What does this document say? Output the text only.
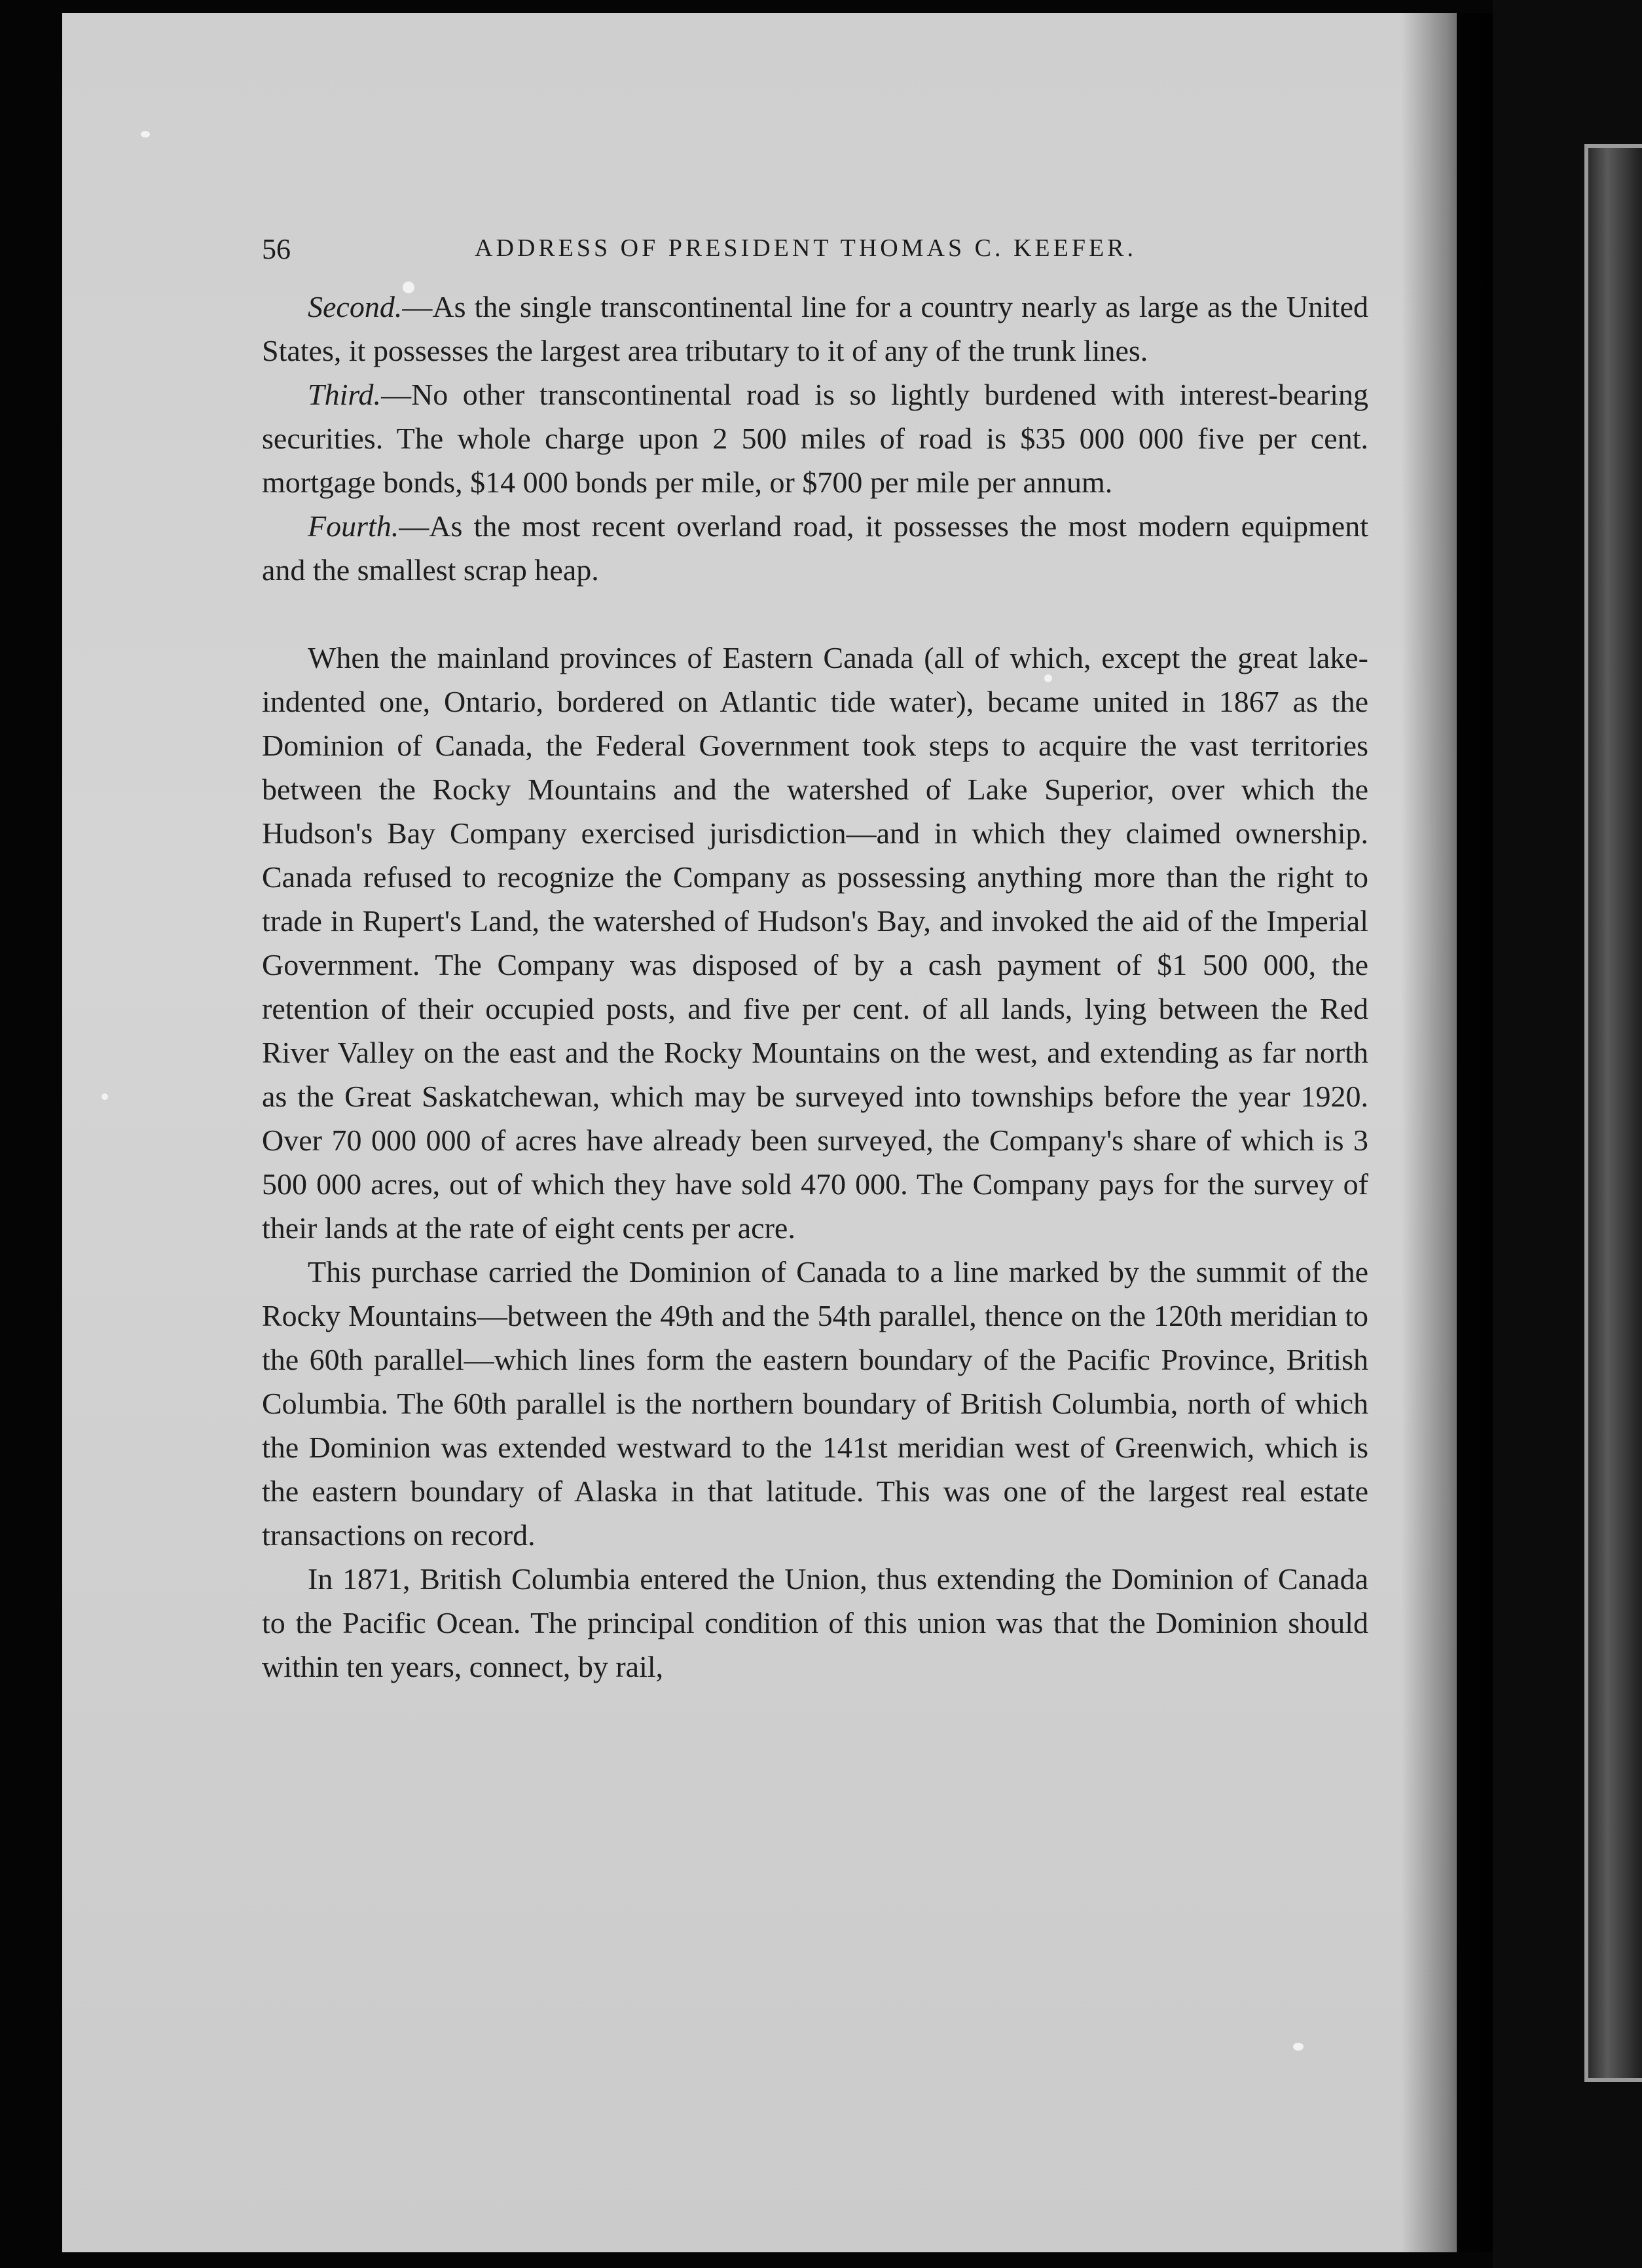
56	ADDRESS OF PRESIDENT THOMAS C. KEEFER.

Second.—As the single transcontinental line for a country nearly as large as the United States, it possesses the largest area tributary to it of any of the trunk lines.

Third.—No other transcontinental road is so lightly burdened with interest-bearing securities. The whole charge upon 2 500 miles of road is $35 000 000 five per cent. mortgage bonds, $14 000 bonds per mile, or $700 per mile per annum.

Fourth.—As the most recent overland road, it possesses the most modern equipment and the smallest scrap heap.

When the mainland provinces of Eastern Canada (all of which, except the great lake-indented one, Ontario, bordered on Atlantic tide water), became united in 1867 as the Dominion of Canada, the Federal Government took steps to acquire the vast territories between the Rocky Mountains and the watershed of Lake Superior, over which the Hudson's Bay Company exercised jurisdiction—and in which they claimed ownership. Canada refused to recognize the Company as possessing anything more than the right to trade in Rupert's Land, the watershed of Hudson's Bay, and invoked the aid of the Imperial Government. The Company was disposed of by a cash payment of $1 500 000, the retention of their occupied posts, and five per cent. of all lands, lying between the Red River Valley on the east and the Rocky Mountains on the west, and extending as far north as the Great Saskatchewan, which may be surveyed into townships before the year 1920. Over 70 000 000 of acres have already been surveyed, the Company's share of which is 3 500 000 acres, out of which they have sold 470 000. The Company pays for the survey of their lands at the rate of eight cents per acre.

This purchase carried the Dominion of Canada to a line marked by the summit of the Rocky Mountains—between the 49th and the 54th parallel, thence on the 120th meridian to the 60th parallel—which lines form the eastern boundary of the Pacific Province, British Columbia. The 60th parallel is the northern boundary of British Columbia, north of which the Dominion was extended westward to the 141st meridian west of Greenwich, which is the eastern boundary of Alaska in that latitude. This was one of the largest real estate transactions on record.

In 1871, British Columbia entered the Union, thus extending the Dominion of Canada to the Pacific Ocean. The principal condition of this union was that the Dominion should within ten years, connect, by rail,
